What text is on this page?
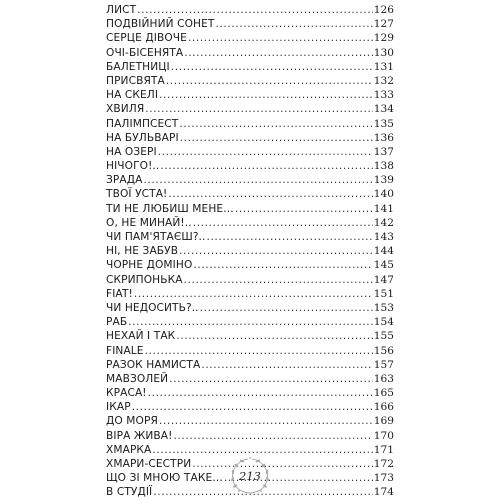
ЛИСТ .....	126
ПОДВІЙНИЙ СОНЕТ .....	127
СЕРЦЕ ДІВОЧЕ .....	129
ОЧІ-БІСЕНЯТА .....	130
БАЛЕТНИЦІ .....	131
ПРИСВЯТА .....	132
НА СКЕЛІ .....	133
ХВИЛЯ .....	134
ПАЛІМПСЕСТ .....	135
НА БУЛЬВАРІ .....	136
НА ОЗЕРІ .....	137
НІЧОГО!.. .....	138
ЗРАДА .....	139
ТВОЇ УСТА! .....	140
ТИ НЕ ЛЮБИШ МЕНЕ… .....	141
О, НЕ МИНАЙ!.. .....	142
ЧИ ПАМ'ЯТАЄШ?.. .....	143
НІ, НЕ ЗАБУВ .....	144
ЧОРНЕ ДОМІНО .....	145
СКРИПОНЬКА .....	147
FIAT! .....	151
ЧИ НЕДОСИТЬ?.. .....	153
РАБ .....	154
НЕХАЙ І ТАК .....	155
FINALE .....	156
РАЗОК НАМИСТА .....	157
МАВЗОЛЕЙ .....	163
КРАСА! .....	165
ІКАР .....	166
ДО МОРЯ .....	169
ВІРА ЖИВА! .....	170
ХМАРКА .....	171
ХМАРИ-СЕСТРИ .....	172
ЩО ЗІ МНОЮ ТАКЕ… .....	173
В СТУДІЇ .....	174
213
